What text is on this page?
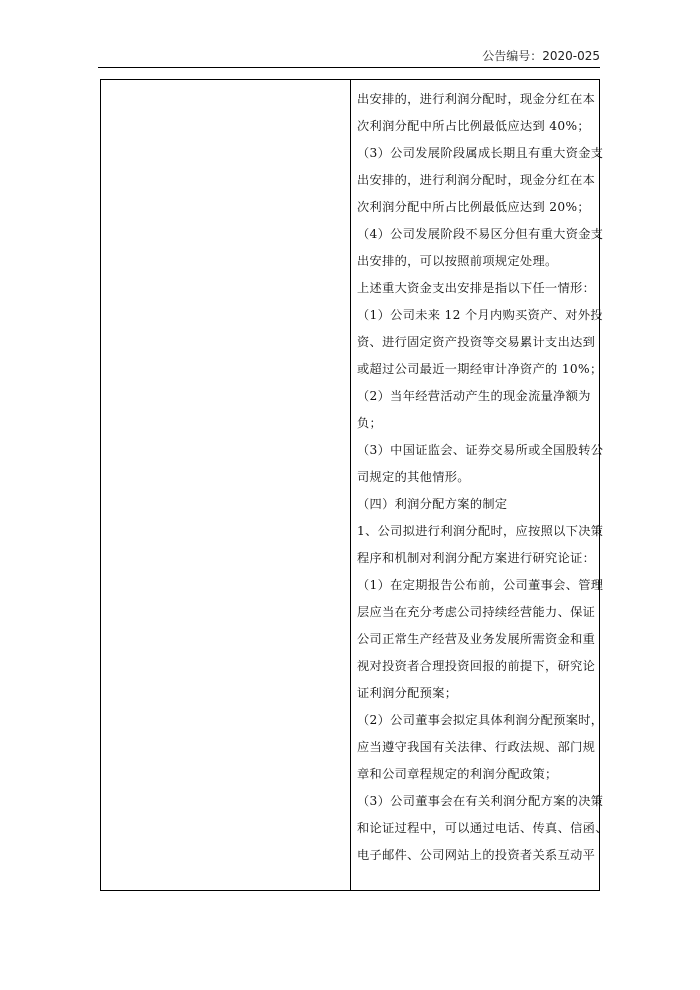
公告编号：2020-025
出安排的，进行利润分配时，现金分红在本
次利润分配中所占比例最低应达到 40%；
（3）公司发展阶段属成长期且有重大资金支
出安排的，进行利润分配时，现金分红在本
次利润分配中所占比例最低应达到 20%；
（4）公司发展阶段不易区分但有重大资金支
出安排的，可以按照前项规定处理。
上述重大资金支出安排是指以下任一情形：
（1）公司未来 12 个月内购买资产、对外投
资、进行固定资产投资等交易累计支出达到
或超过公司最近一期经审计净资产的 10%；
（2）当年经营活动产生的现金流量净额为
负；
（3）中国证监会、证券交易所或全国股转公
司规定的其他情形。
（四）利润分配方案的制定
1、公司拟进行利润分配时，应按照以下决策
程序和机制对利润分配方案进行研究论证：
（1）在定期报告公布前，公司董事会、管理
层应当在充分考虑公司持续经营能力、保证
公司正常生产经营及业务发展所需资金和重
视对投资者合理投资回报的前提下，研究论
证利润分配预案；
（2）公司董事会拟定具体利润分配预案时，
应当遵守我国有关法律、行政法规、部门规
章和公司章程规定的利润分配政策；
（3）公司董事会在有关利润分配方案的决策
和论证过程中，可以通过电话、传真、信函、
电子邮件、公司网站上的投资者关系互动平
